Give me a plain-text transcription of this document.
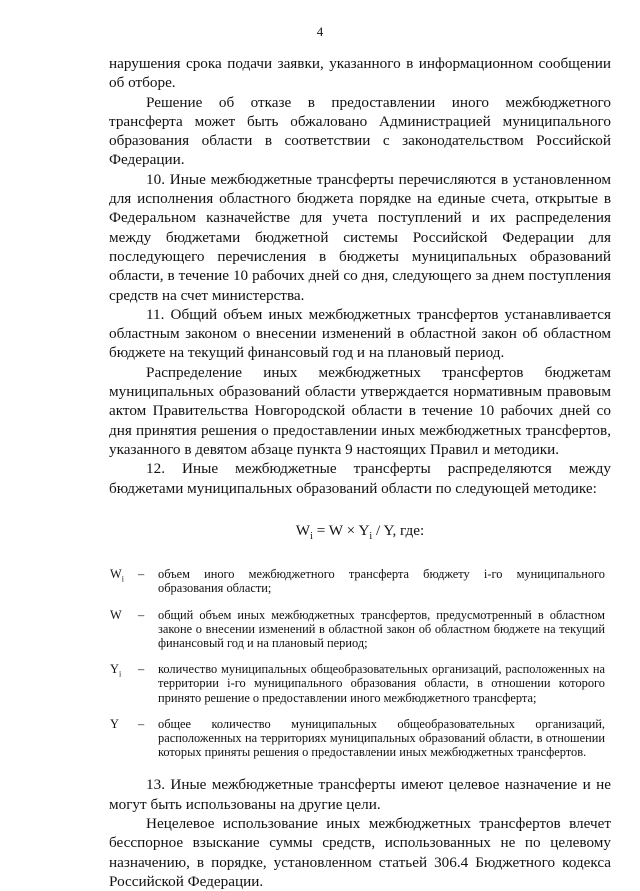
4

нарушения срока подачи заявки, указанного в информационном сообщении об отборе.

Решение об отказе в предоставлении иного межбюджетного трансферта может быть обжаловано Администрацией муниципального образования области в соответствии с законодательством Российской Федерации.

10. Иные межбюджетные трансферты перечисляются в установленном для исполнения областного бюджета порядке на единые счета, открытые в Федеральном казначействе для учета поступлений и их распределения между бюджетами бюджетной системы Российской Федерации для последующего перечисления в бюджеты муниципальных образований области, в течение 10 рабочих дней со дня, следующего за днем поступления средств на счет министерства.

11. Общий объем иных межбюджетных трансфертов устанавливается областным законом о внесении изменений в областной закон об областном бюджете на текущий финансовый год и на плановый период.

Распределение иных межбюджетных трансфертов бюджетам муниципальных образований области утверждается нормативным правовым актом Правительства Новгородской области в течение 10 рабочих дней со дня принятия решения о предоставлении иных межбюджетных трансфертов, указанного в девятом абзаце пункта 9 настоящих Правил и методики.

12. Иные межбюджетные трансферты распределяются между бюджетами муниципальных образований области по следующей методике:

$W_i = W \times Y_i / Y$, где:
$W_i$	–	объем иного межбюджетного трансферта бюджету i-го муниципального образования области;
W	–	общий объем иных межбюджетных трансфертов, предусмотренный в областном законе о внесении изменений в областной закон об областном бюджете на текущий финансовый год и на плановый период;
$Y_i$	–	количество муниципальных общеобразовательных организаций, расположенных на территории i-го муниципального образования области, в отношении которого принято решение о предоставлении иного межбюджетного трансферта;
Y	–	общее количество муниципальных общеобразовательных организаций, расположенных на территориях муниципальных образований области, в отношении которых приняты решения о предоставлении иных межбюджетных трансфертов.

13. Иные межбюджетные трансферты имеют целевое назначение и не могут быть использованы на другие цели.

Нецелевое использование иных межбюджетных трансфертов влечет бесспорное взыскание суммы средств, использованных не по целевому назначению, в порядке, установленном статьей 306.4 Бюджетного кодекса Российской Федерации.
